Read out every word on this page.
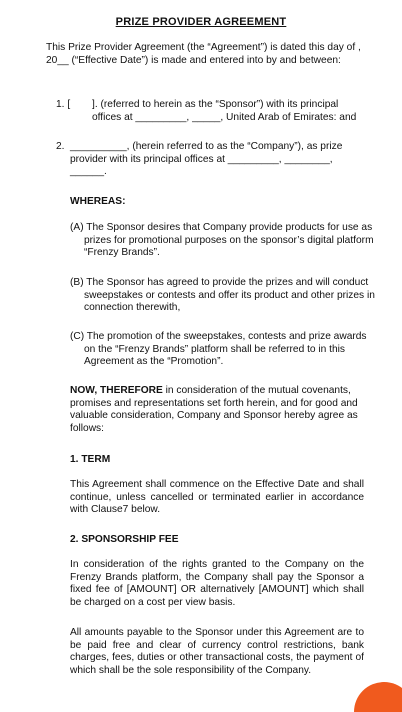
PRIZE PROVIDER AGREEMENT
This Prize Provider Agreement (the “Agreement”) is dated this day of , 20__ (“Effective Date”) is made and entered into by and between:
1. [ ]. (referred to herein as the “Sponsor”) with its principal offices at _________, _____, United Arab of Emirates: and
2. __________, (herein referred to as the “Company”), as prize provider with its principal offices at _________, ________, ______.
WHEREAS:
(A) The Sponsor desires that Company provide products for use as prizes for promotional purposes on the sponsor’s digital platform “Frenzy Brands”.
(B) The Sponsor has agreed to provide the prizes and will conduct sweepstakes or contests and offer its product and other prizes in connection therewith,
(C) The promotion of the sweepstakes, contests and prize awards on the “Frenzy Brands” platform shall be referred to in this Agreement as the “Promotion”.
NOW, THEREFORE in consideration of the mutual covenants, promises and representations set forth herein, and for good and valuable consideration, Company and Sponsor hereby agree as follows:
1. TERM
This Agreement shall commence on the Effective Date and shall continue, unless cancelled or terminated earlier in accordance with Clause7 below.
2. SPONSORSHIP FEE
In consideration of the rights granted to the Company on the Frenzy Brands platform, the Company shall pay the Sponsor a fixed fee of [AMOUNT] OR alternatively [AMOUNT] which shall be charged on a cost per view basis.
All amounts payable to the Sponsor under this Agreement are to be paid free and clear of currency control restrictions, bank charges, fees, duties or other transactional costs, the payment of which shall be the sole responsibility of the Company.
